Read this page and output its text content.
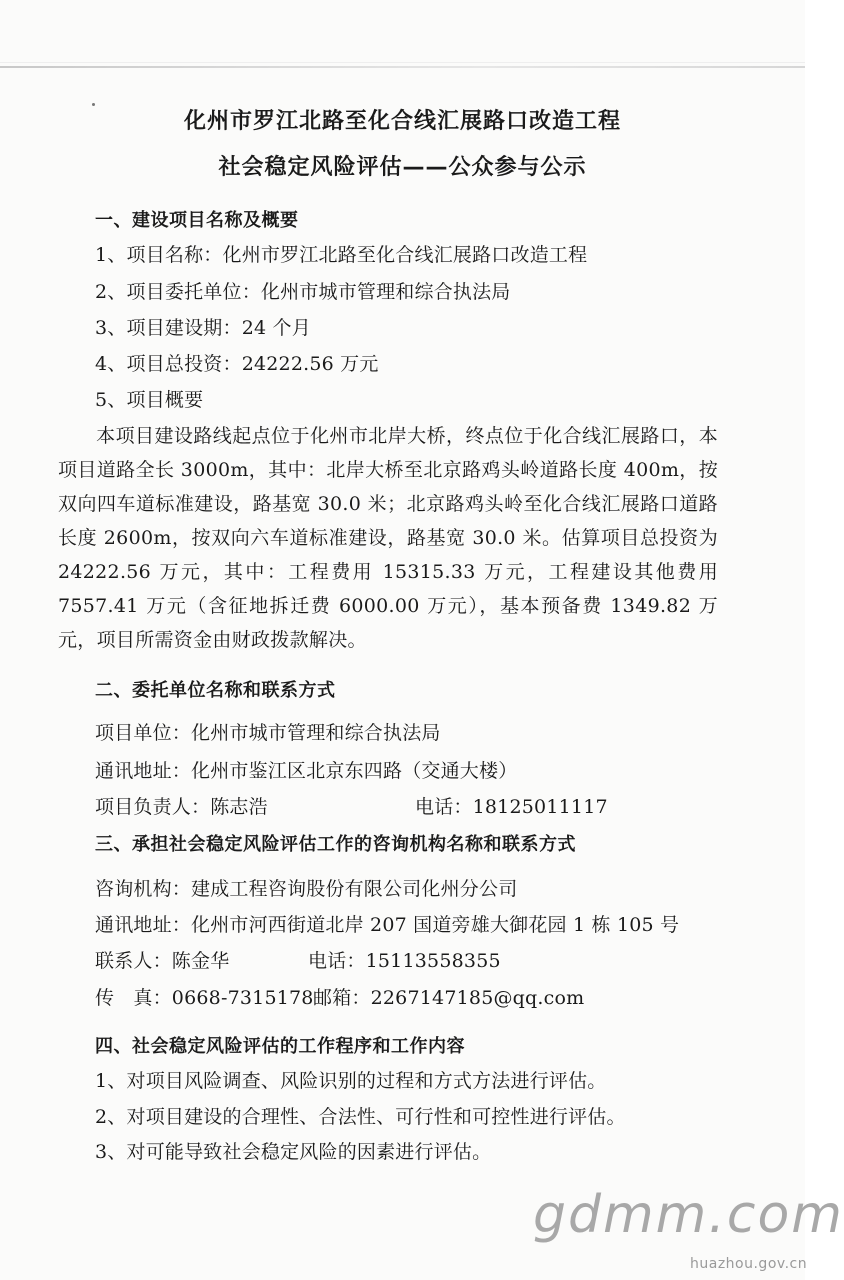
化州市罗江北路至化合线汇展路口改造工程
社会稳定风险评估——公众参与公示
一、建设项目名称及概要
1、项目名称：化州市罗江北路至化合线汇展路口改造工程
2、项目委托单位：化州市城市管理和综合执法局
3、项目建设期：24 个月
4、项目总投资：24222.56 万元
5、项目概要
本项目建设路线起点位于化州市北岸大桥，终点位于化合线汇展路口，本项目道路全长 3000m，其中：北岸大桥至北京路鸡头岭道路长度 400m，按双向四车道标准建设，路基宽 30.0 米；北京路鸡头岭至化合线汇展路口道路长度 2600m，按双向六车道标准建设，路基宽 30.0 米。估算项目总投资为 24222.56 万元，其中：工程费用 15315.33 万元，工程建设其他费用 7557.41 万元（含征地拆迁费 6000.00 万元），基本预备费 1349.82 万元，项目所需资金由财政拨款解决。
二、委托单位名称和联系方式
项目单位：化州市城市管理和综合执法局
通讯地址：化州市鉴江区北京东四路（交通大楼）
项目负责人：陈志浩	电话：18125011117
三、承担社会稳定风险评估工作的咨询机构名称和联系方式
咨询机构：建成工程咨询股份有限公司化州分公司
通讯地址：化州市河西街道北岸 207 国道旁雄大御花园 1 栋 105 号
联系人：陈金华	电话：15113558355
传　真：0668-7315178 邮箱：2267147185@qq.com
四、社会稳定风险评估的工作程序和工作内容
1、对项目风险调查、风险识别的过程和方式方法进行评估。
2、对项目建设的合理性、合法性、可行性和可控性进行评估。
3、对可能导致社会稳定风险的因素进行评估。
gdmm.com
huazhou.gov.cn
